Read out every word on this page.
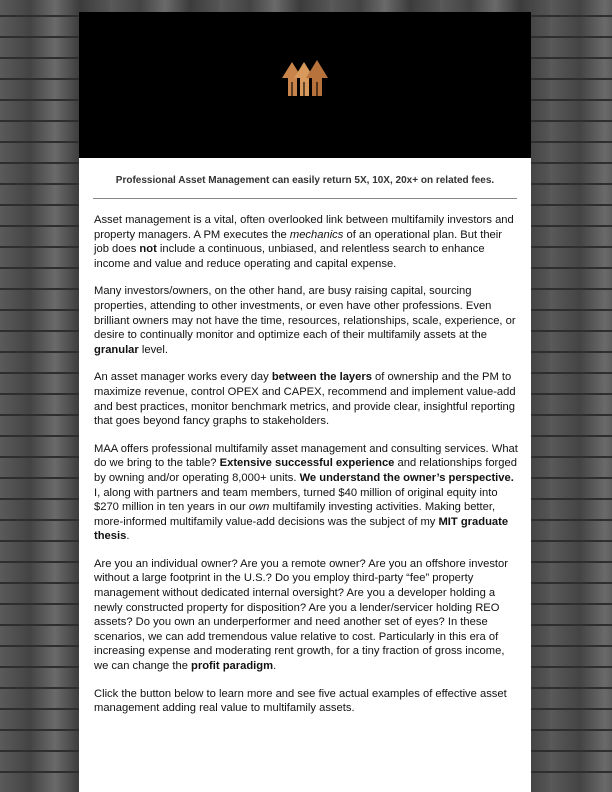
Professional Asset Management can easily return 5X, 10X, 20x+ on related fees.

Asset management is a vital, often overlooked link between multifamily investors and property managers. A PM executes the mechanics of an operational plan. But their job does not include a continuous, unbiased, and relentless search to enhance income and value and reduce operating and capital expense.

Many investors/owners, on the other hand, are busy raising capital, sourcing properties, attending to other investments, or even have other professions. Even brilliant owners may not have the time, resources, relationships, scale, experience, or desire to continually monitor and optimize each of their multifamily assets at the granular level.

An asset manager works every day between the layers of ownership and the PM to maximize revenue, control OPEX and CAPEX, recommend and implement value-add and best practices, monitor benchmark metrics, and provide clear, insightful reporting that goes beyond fancy graphs to stakeholders.

MAA offers professional multifamily asset management and consulting services. What do we bring to the table? Extensive successful experience and relationships forged by owning and/or operating 8,000+ units. We understand the owner’s perspective. I, along with partners and team members, turned $40 million of original equity into $270 million in ten years in our own multifamily investing activities. Making better, more-informed multifamily value-add decisions was the subject of my MIT graduate thesis.

Are you an individual owner? Are you a remote owner? Are you an offshore investor without a large footprint in the U.S.? Do you employ third-party “fee” property management without dedicated internal oversight? Are you a developer holding a newly constructed property for disposition? Are you a lender/servicer holding REO assets? Do you own an underperformer and need another set of eyes? In these scenarios, we can add tremendous value relative to cost. Particularly in this era of increasing expense and moderating rent growth, for a tiny fraction of gross income, we can change the profit paradigm.

Click the button below to learn more and see five actual examples of effective asset management adding real value to multifamily assets.
